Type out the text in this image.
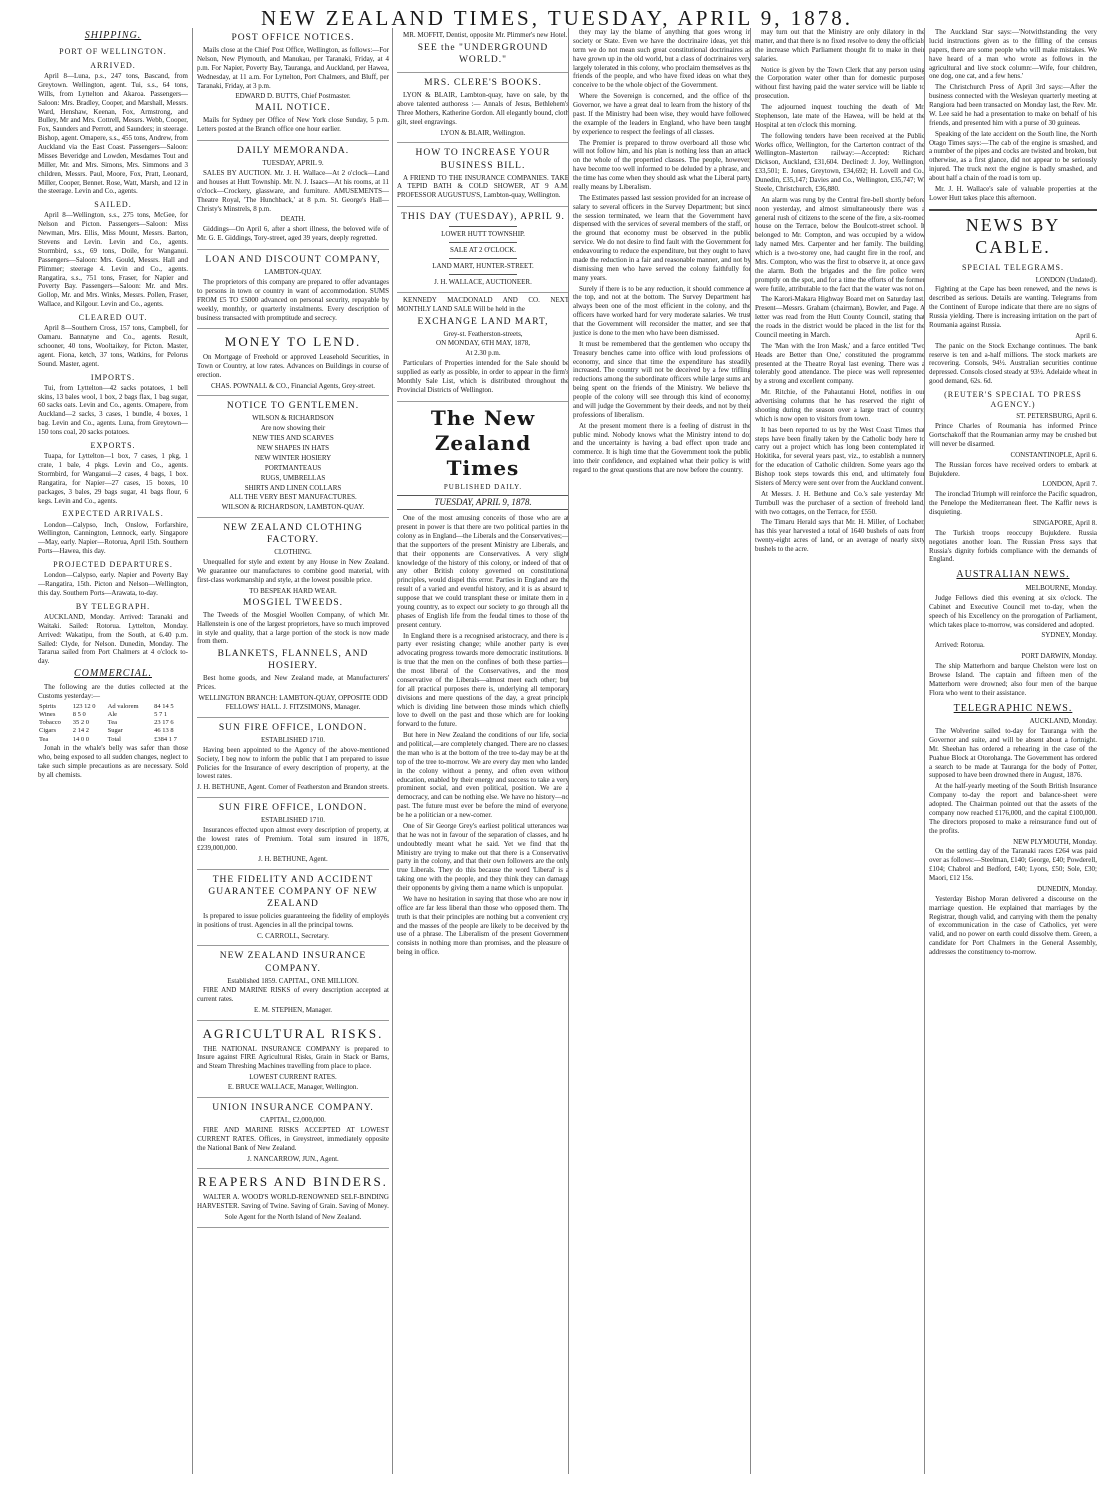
NEW ZEALAND TIMES, TUESDAY, APRIL 9, 1878.
SHIPPING.
PORT OF WELLINGTON.
ARRIVED.

April 8—Luna, p.s., 247 tons, Bascand, from Greytown. Wellington, agent. Tui, s.s., 64 tons, Wills, from Lyttelton and Akaroa. Passengers—Saloon: Mrs. Bradley, Cooper, and Marshall, Messrs. Ward, Henshaw, Keenan, Fox, Armstrong, and Bulley, Mr and Mrs. Cottrell, Messrs. Webb, Cooper, Fox, Saunders and Perrott, and Saunders; in steerage. Bishop, agent. Omapere, s.s., 455 tons, Andrew, from Auckland via the East Coast. Passengers—Saloon: Misses Beveridge and Lowden, Mesdames Tout and Miller, Mr. and Mrs. Simons, Mrs. Simmons and 3 children, Messrs. Paul, Moore, Fox, Pratt, Leonard, Miller, Cooper, Bennet. Rose, Watt, Marsh, and 12 in the steerage. Levin and Co., agents.

SAILED.

April 8—Wellington, s.s., 275 tons, McGee, for Nelson and Picton. Passengers—Saloon: Miss Newman, Mrs. Ellis, Miss Mount, Messrs. Barton, Stevens and Levin. Levin and Co., agents. Stormbird, s.s., 69 tons, Doile, for Wanganui. Passengers—Saloon: Mrs. Gould, Messrs. Hall and Plimmer; steerage 4. Levin and Co., agents. Rangatira, s.s., 751 tons, Fraser, for Napier and Poverty Bay. Passengers—Saloon: Mr. and Mrs. Gollop, Mr. and Mrs. Winks, Messrs. Pollen, Fraser, Wallace, and Kilgour. Levin and Co., agents.

CLEARED OUT.

April 8—Southern Cross, 157 tons, Campbell, for Oamaru. Bannatyne and Co., agents. Result, schooner, 40 tons, Wooltaikey, for Picton. Master, agent. Fiona, ketch, 37 tons, Watkins, for Pelorus Sound. Master, agent.

IMPORTS.

Tui, from Lyttelton—42 sacks potatoes, 1 bell skins, 13 bales wool, 1 box, 2 bags flax, 1 bag sugar, 60 sacks oats. Levin and Co., agents. Omapere, from Auckland—2 sacks, 3 cases, 1 bundle, 4 boxes, 1 bag. Levin and Co., agents. Luna, from Greytown—150 tons coal, 20 sacks potatoes.

EXPORTS.

Tuapa, for Lyttelton—1 box, 7 cases, 1 pkg, 1 crate, 1 bale, 4 pkgs. Levin and Co., agents. Stormbird, for Wanganui—2 cases, 4 bags, 1 box. Rangatira, for Napier—27 cases, 15 boxes, 10 packages, 3 bales, 29 bags sugar, 41 bags flour, 6 kegs. Levin and Co., agents.

EXPECTED ARRIVALS.

London—Calypso, Inch, Onslow, Forfarshire, Wellington, Cannington, Lennock, early. Singapore—May, early. Napier—Rotorua, April 15th. Southern Ports—Hawea, this day.

PROJECTED DEPARTURES.

London—Calypso, early. Napier and Poverty Bay—Rangatira, 15th. Picton and Nelson—Wellington, this day. Southern Ports—Arawata, to-day.

BY TELEGRAPH.

AUCKLAND, Monday. Arrived: Taranaki and Waitaki. Sailed: Rotorua. Lyttelton, Monday. Arrived: Wakatipu, from the South, at 6.40 p.m. Sailed: Clyde, for Nelson. Dunedin, Monday. The Tararua sailed from Port Chalmers at 4 o'clock to-day.

COMMERCIAL.

The following are the duties collected at the Customs yesterday:—

Spirits	123 12 0	Ad valorem	84 14 5
Wines	8 5 0	Ale	5 7 1
Tobacco	35 2 0	Tea	23 17 6
Cigars	2 14 2	Sugar	46 13 8
Tea	14 0 0	Total	£384 1 7

Jonah in the whale's belly was safer than those who, being exposed to all sudden changes, neglect to take such simple precautions as are necessary. Sold by all chemists.

POST OFFICE NOTICES.

Mails close at the Chief Post Office, Wellington, as follows:—For Nelson, New Plymouth, and Manukau, per Taranaki, Friday, at 4 p.m. For Napier, Poverty Bay, Tauranga, and Auckland, per Hawea, Wednesday, at 11 a.m. For Lyttelton, Port Chalmers, and Bluff, per Taranaki, Friday, at 3 p.m.

EDWARD D. BUTTS, Chief Postmaster.
MAIL NOTICE.

Mails for Sydney per Office of New York close Sunday, 5 p.m. Letters posted at the Branch office one hour earlier.

DAILY MEMORANDA.
TUESDAY, APRIL 9.

SALES BY AUCTION. Mr. J. H. Wallace—At 2 o'clock—Land and houses at Hutt Township. Mr. N. J. Isaacs—At his rooms, at 11 o'clock—Crockery, glassware, and furniture. AMUSEMENTS—Theatre Royal, 'The Hunchback,' at 8 p.m. St. George's Hall—Christy's Minstrels, 8 p.m.

DEATH.

Giddings—On April 6, after a short illness, the beloved wife of Mr. G. E. Giddings, Tory-street, aged 39 years, deeply regretted.

LOAN AND DISCOUNT COMPANY,
LAMBTON-QUAY.

The proprietors of this company are prepared to offer advantages to persons in town or country in want of accommodation. SUMS FROM £5 TO £5000 advanced on personal security, repayable by weekly, monthly, or quarterly instalments. Every description of business transacted with promptitude and secrecy.

MONEY TO LEND.

On Mortgage of Freehold or approved Leasehold Securities, in Town or Country, at low rates. Advances on Buildings in course of erection.

CHAS. POWNALL & CO., Financial Agents, Grey-street.
NOTICE TO GENTLEMEN.
WILSON & RICHARDSON
Are now showing their
NEW TIES AND SCARVES
NEW SHAPES IN HATS
NEW WINTER HOSIERY
PORTMANTEAUS
RUGS, UMBRELLAS
SHIRTS AND LINEN COLLARS
ALL THE VERY BEST MANUFACTURES.
WILSON & RICHARDSON, LAMBTON-QUAY.
NEW ZEALAND CLOTHING FACTORY.
CLOTHING.

Unequalled for style and extent by any House in New Zealand. We guarantee our manufactures to combine good material, with first-class workmanship and style, at the lowest possible price.

TO BESPEAK HARD WEAR.
MOSGIEL TWEEDS.

The Tweeds of the Mosgiel Woollen Company, of which Mr. Hallenstein is one of the largest proprietors, have so much improved in style and quality, that a large portion of the stock is now made from them.

BLANKETS, FLANNELS, AND HOSIERY.

Best home goods, and New Zealand made, at Manufacturers' Prices.

WELLINGTON BRANCH: LAMBTON-QUAY, OPPOSITE ODD FELLOWS' HALL. J. FITZSIMONS, Manager.
SUN FIRE OFFICE, LONDON.
ESTABLISHED 1710.

Having been appointed to the Agency of the above-mentioned Society, I beg now to inform the public that I am prepared to issue Policies for the Insurance of every description of property, at the lowest rates.

J. H. BETHUNE, Agent. Corner of Featherston and Brandon streets.
SUN FIRE OFFICE, LONDON.
ESTABLISHED 1710.

Insurances effected upon almost every description of property, at the lowest rates of Premium. Total sum insured in 1876, £239,000,000.

J. H. BETHUNE, Agent.
THE FIDELITY AND ACCIDENT GUARANTEE COMPANY OF NEW ZEALAND

Is prepared to issue policies guaranteeing the fidelity of employés in positions of trust. Agencies in all the principal towns.

C. CARROLL, Secretary.
NEW ZEALAND INSURANCE COMPANY.
Established 1859. CAPITAL, ONE MILLION.

FIRE AND MARINE RISKS of every description accepted at current rates.

E. M. STEPHEN, Manager.
AGRICULTURAL RISKS.

THE NATIONAL INSURANCE COMPANY is prepared to Insure against FIRE Agricultural Risks, Grain in Stack or Barns, and Steam Threshing Machines travelling from place to place.

LOWEST CURRENT RATES.
E. BRUCE WALLACE, Manager, Wellington.
UNION INSURANCE COMPANY.
CAPITAL, £2,000,000.

FIRE AND MARINE RISKS ACCEPTED AT LOWEST CURRENT RATES. Offices, in Greystreet, immediately opposite the National Bank of New Zealand.

J. NANCARROW, JUN., Agent.
REAPERS AND BINDERS.

WALTER A. WOOD'S WORLD-RENOWNED SELF-BINDING HARVESTER. Saving of Twine. Saving of Grain. Saving of Money.

Sole Agent for the North Island of New Zealand.

MR. MOFFIT, Dentist, opposite Mr. Plimmer's new Hotel.

SEE the "UNDERGROUND WORLD."
MRS. CLERE'S BOOKS.

LYON & BLAIR, Lambton-quay, have on sale, by the above talented authoress :— Annals of Jesus, Bethlehem's Three Mothers, Katherine Gordon. All elegantly bound, cloth gilt, steel engravings.

LYON & BLAIR, Wellington.
HOW TO INCREASE YOUR BUSINESS BILL.

A FRIEND TO THE INSURANCE COMPANIES. TAKE A TEPID BATH & COLD SHOWER, AT 9 A.M. PROFESSOR AUGUSTUS'S, Lambton-quay, Wellington.

THIS DAY (TUESDAY), APRIL 9.
LOWER HUTT TOWNSHIP.
SALE AT 2 O'CLOCK.
LAND MART, HUNTER-STREET.
J. H. WALLACE, AUCTIONEER.

KENNEDY MACDONALD AND CO. NEXT MONTHLY LAND SALE Will be held in the

EXCHANGE LAND MART,
Grey-st. Featherston-streets,
ON MONDAY, 6TH MAY, 1878,
At 2.30 p.m.

Particulars of Properties intended for the Sale should be supplied as early as possible, in order to appear in the firm's Monthly Sale List, which is distributed throughout the Provincial Districts of Wellington.

The New Zealand Times
PUBLISHED DAILY.
TUESDAY, APRIL 9, 1878.

One of the most amusing conceits of those who are at present in power is that there are two political parties in the colony as in England—the Liberals and the Conservatives;—that the supporters of the present Ministry are Liberals, and that their opponents are Conservatives. A very slight knowledge of the history of this colony, or indeed of that of any other British colony governed on constitutional principles, would dispel this error. Parties in England are the result of a varied and eventful history, and it is as absurd to suppose that we could transplant these or imitate them in a young country, as to expect our society to go through all the phases of English life from the feudal times to those of the present century.

In England there is a recognised aristocracy, and there is a party ever resisting change; while another party is ever advocating progress towards more democratic institutions. It is true that the men on the confines of both these parties—the most liberal of the Conservatives, and the most conservative of the Liberals—almost meet each other; but for all practical purposes there is, underlying all temporary divisions and mere questions of the day, a great principle which is dividing line between those minds which chiefly love to dwell on the past and those which are for looking forward to the future.

But here in New Zealand the conditions of our life, social and political,—are completely changed. There are no classes: the man who is at the bottom of the tree to-day may be at the top of the tree to-morrow. We are every day men who landed in the colony without a penny, and often even without education, enabled by their energy and success to take a very prominent social, and even political, position. We are a democracy, and can be nothing else. We have no history—no past. The future must ever be before the mind of everyone, be he a politician or a new-comer.

One of Sir George Grey's earliest political utterances was that he was not in favour of the separation of classes, and he undoubtedly meant what he said. Yet we find that the Ministry are trying to make out that there is a Conservative party in the colony, and that their own followers are the only true Liberals. They do this because the word 'Liberal' is a taking one with the people, and they think they can damage their opponents by giving them a name which is unpopular.

We have no hesitation in saying that those who are now in office are far less liberal than those who opposed them. The truth is that their principles are nothing but a convenient cry, and the masses of the people are likely to be deceived by the use of a phrase. The Liberalism of the present Government consists in nothing more than promises, and the pleasure of being in office.

they may lay the blame of anything that goes wrong in society or State. Even we have the doctrinaire ideas, yet this term we do not mean such great constitutional doctrinaires as have grown up in the old world, but a class of doctrinaires very largely tolerated in this colony, who proclaim themselves as the friends of the people, and who have fixed ideas on what they conceive to be the whole object of the Government.

Where the Sovereign is concerned, and the office of the Governor, we have a great deal to learn from the history of the past. If the Ministry had been wise, they would have followed the example of the leaders in England, who have been taught by experience to respect the feelings of all classes.

The Premier is prepared to throw overboard all those who will not follow him, and his plan is nothing less than an attack on the whole of the propertied classes. The people, however, have become too well informed to be deluded by a phrase, and the time has come when they should ask what the Liberal party really means by Liberalism.

The Estimates passed last session provided for an increase of salary to several officers in the Survey Department; but since the session terminated, we learn that the Government have dispensed with the services of several members of the staff, on the ground that economy must be observed in the public service. We do not desire to find fault with the Government for endeavouring to reduce the expenditure, but they ought to have made the reduction in a fair and reasonable manner, and not by dismissing men who have served the colony faithfully for many years.

Surely if there is to be any reduction, it should commence at the top, and not at the bottom. The Survey Department has always been one of the most efficient in the colony, and the officers have worked hard for very moderate salaries. We trust that the Government will reconsider the matter, and see that justice is done to the men who have been dismissed.

It must be remembered that the gentlemen who occupy the Treasury benches came into office with loud professions of economy, and since that time the expenditure has steadily increased. The country will not be deceived by a few trifling reductions among the subordinate officers while large sums are being spent on the friends of the Ministry. We believe the people of the colony will see through this kind of economy, and will judge the Government by their deeds, and not by their professions of liberalism.

At the present moment there is a feeling of distrust in the public mind. Nobody knows what the Ministry intend to do; and the uncertainty is having a bad effect upon trade and commerce. It is high time that the Government took the public into their confidence, and explained what their policy is with regard to the great questions that are now before the country.

may turn out that the Ministry are only dilatory in the matter, and that there is no fixed resolve to deny the officials the increase which Parliament thought fit to make in their salaries.

Notice is given by the Town Clerk that any person using the Corporation water other than for domestic purposes without first having paid the water service will be liable to prosecution.

The adjourned inquest touching the death of Mr. Stephenson, late mate of the Hawea, will be held at the Hospital at ten o'clock this morning.

The following tenders have been received at the Public Works office, Wellington, for the Carterton contract of the Wellington–Masterton railway:—Accepted: Richard Dickson, Auckland, £31,604. Declined: J. Joy, Wellington, £33,501; E. Jones, Greytown, £34,692; H. Lovell and Co., Dunedin, £35,147; Davies and Co., Wellington, £35,747; W. Steele, Christchurch, £36,880.

An alarm was rung by the Central fire-bell shortly before noon yesterday, and almost simultaneously there was a general rush of citizens to the scene of the fire, a six-roomed house on the Terrace, below the Boulcott-street school. It belonged to Mr. Compton, and was occupied by a widow lady named Mrs. Carpenter and her family. The building, which is a two-storey one, had caught fire in the roof, and Mrs. Compton, who was the first to observe it, at once gave the alarm. Both the brigades and the fire police were promptly on the spot, and for a time the efforts of the former were futile, attributable to the fact that the water was not on.

The Karori-Makara Highway Board met on Saturday last. Present—Messrs. Graham (chairman), Bowler, and Page. A letter was read from the Hutt County Council, stating that the roads in the district would be placed in the list for the Council meeting in March.

The 'Man with the Iron Mask,' and a farce entitled 'Two Heads are Better than One,' constituted the programme presented at the Theatre Royal last evening. There was a tolerably good attendance. The piece was well represented by a strong and excellent company.

Mr. Ritchie, of the Pahautanui Hotel, notifies in our advertising columns that he has reserved the right of shooting during the season over a large tract of country, which is now open to visitors from town.

It has been reported to us by the West Coast Times that steps have been finally taken by the Catholic body here to carry out a project which has long been contemplated in Hokitika, for several years past, viz., to establish a nunnery for the education of Catholic children. Some years ago the Bishop took steps towards this end, and ultimately four Sisters of Mercy were sent over from the Auckland convent.

At Messrs. J. H. Bethune and Co.'s sale yesterday Mr. Turnbull was the purchaser of a section of freehold land, with two cottages, on the Terrace, for £550.

The Timaru Herald says that Mr. H. Miller, of Lochaber, has this year harvested a total of 1640 bushels of oats from twenty-eight acres of land, or an average of nearly sixty bushels to the acre.

The Auckland Star says:—'Notwithstanding the very lucid instructions given as to the filling of the census papers, there are some people who will make mistakes. We have heard of a man who wrote as follows in the agricultural and live stock column:—Wife, four children, one dog, one cat, and a few hens.'

The Christchurch Press of April 3rd says:—After the business connected with the Wesleyan quarterly meeting at Rangiora had been transacted on Monday last, the Rev. Mr. W. Lee said he had a presentation to make on behalf of his friends, and presented him with a purse of 30 guineas.

Speaking of the late accident on the South line, the North Otago Times says:—The cab of the engine is smashed, and a number of the pipes and cocks are twisted and broken, but otherwise, as a first glance, did not appear to be seriously injured. The truck next the engine is badly smashed, and about half a chain of the road is torn up.

Mr. J. H. Wallace's sale of valuable properties at the Lower Hutt takes place this afternoon.

NEWS BY CABLE.
SPECIAL TELEGRAMS.
LONDON (Undated).

Fighting at the Cape has been renewed, and the news is described as serious. Details are wanting. Telegrams from the Continent of Europe indicate that there are no signs of Russia yielding. There is increasing irritation on the part of Roumania against Russia.

April 6.

The panic on the Stock Exchange continues. The bank reserve is ten and a-half millions. The stock markets are recovering. Consols, 94½. Australian securities continue depressed. Consols closed steady at 93½. Adelaide wheat in good demand, 62s. 6d.

(REUTER'S SPECIAL TO PRESS AGENCY.)
ST. PETERSBURG, April 6.

Prince Charles of Roumania has informed Prince Gortschakoff that the Roumanian army may be crushed but will never be disarmed.

CONSTANTINOPLE, April 6.

The Russian forces have received orders to embark at Bujukdere.

LONDON, April 7.

The ironclad Triumph will reinforce the Pacific squadron, the Penelope the Mediterranean fleet. The Kaffir news is disquieting.

SINGAPORE, April 8.

The Turkish troops reoccupy Bujukdere. Russia negotiates another loan. The Russian Press says that Russia's dignity forbids compliance with the demands of England.

AUSTRALIAN NEWS.
MELBOURNE, Monday.

Judge Fellows died this evening at six o'clock. The Cabinet and Executive Council met to-day, when the speech of his Excellency on the prorogation of Parliament, which takes place to-morrow, was considered and adopted.

SYDNEY, Monday.

Arrived: Rotorua.

PORT DARWIN, Monday.

The ship Matterhorn and barque Chelston were lost on Browse Island. The captain and fifteen men of the Matterhorn were drowned; also four men of the barque Flora who went to their assistance.

TELEGRAPHIC NEWS.
AUCKLAND, Monday.

The Wolverine sailed to-day for Tauranga with the Governor and suite, and will be absent about a fortnight. Mr. Sheehan has ordered a rehearing in the case of the Puahue Block at Otorohanga. The Government has ordered a search to be made at Tauranga for the body of Potter, supposed to have been drowned there in August, 1876.

At the half-yearly meeting of the South British Insurance Company to-day the report and balance-sheet were adopted. The Chairman pointed out that the assets of the company now reached £176,000, and the capital £100,000. The directors proposed to make a reinsurance fund out of the profits.

NEW PLYMOUTH, Monday.

On the settling day of the Taranaki races £264 was paid over as follows:—Steelman, £140; George, £40; Powderell, £104; Chabrol and Bedford, £40; Lyons, £50; Sole, £30; Maori, £12 15s.

DUNEDIN, Monday.

Yesterday Bishop Moran delivered a discourse on the marriage question. He explained that marriages by the Registrar, though valid, and carrying with them the penalty of excommunication in the case of Catholics, yet were valid, and no power on earth could dissolve them. Green, a candidate for Port Chalmers in the General Assembly, addresses the constituency to-morrow.
